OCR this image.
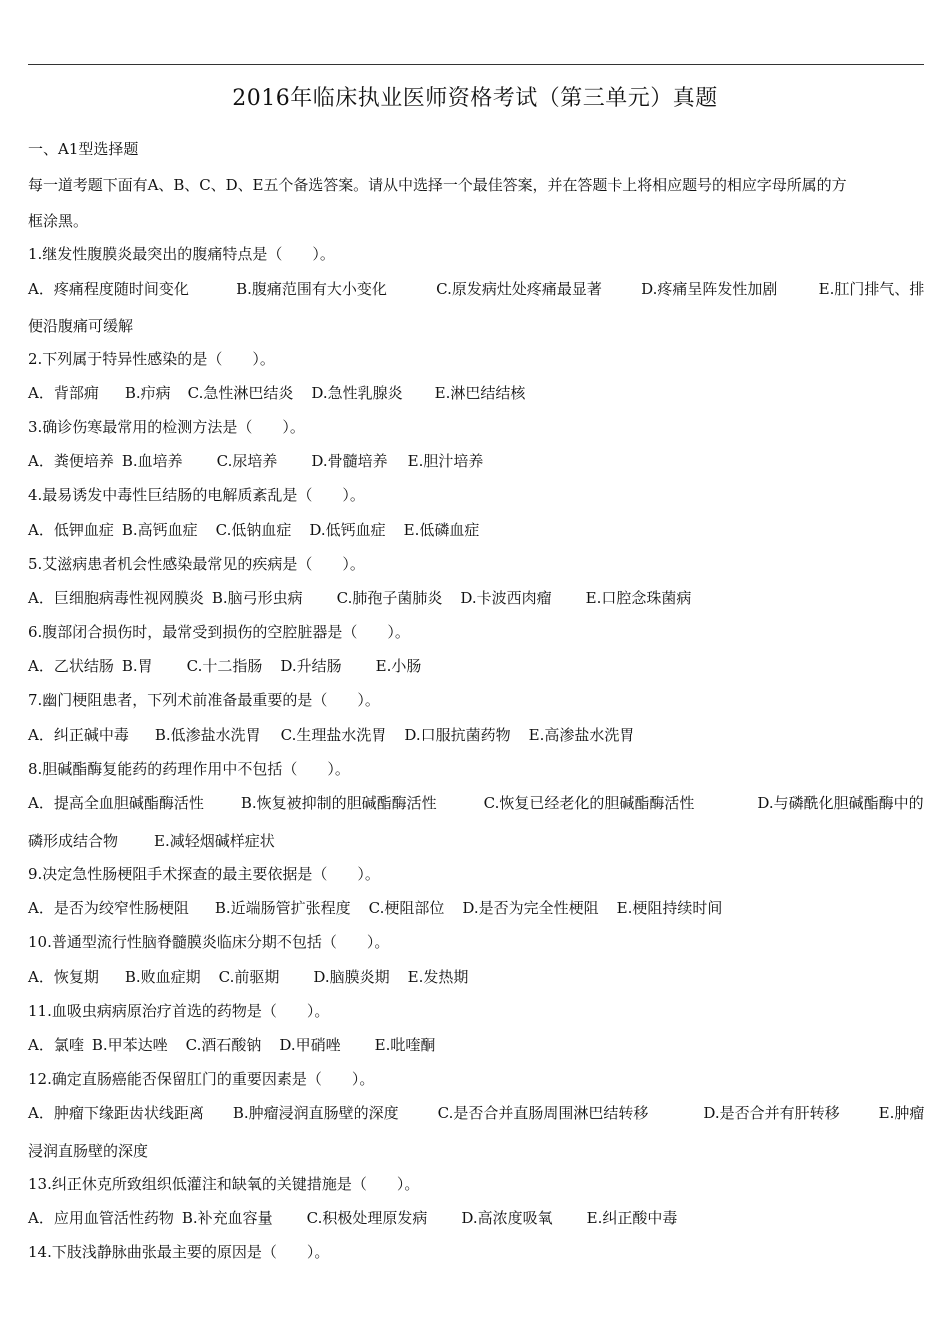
2016年临床执业医师资格考试（第三单元）真题
一、A1型选择题
每一道考题下面有A、B、C、D、E五个备选答案。请从中选择一个最佳答案，并在答题卡上将相应题号的相应字母所属的方
框涂黑。
1.继发性腹膜炎最突出的腹痛特点是（　　）。
A．疼痛程度随时间变化	B.腹痛范围有大小变化	C.原发病灶处疼痛最显著	D.疼痛呈阵发性加剧	E.肛门排气、排
便沿腹痛可缓解
2.下列属于特异性感染的是（　　）。
A．背部痈 B.疖病 C.急性淋巴结炎 D.急性乳腺炎 E.淋巴结结核
3.确诊伤寒最常用的检测方法是（　　）。
A．粪便培养 B.血培养 C.尿培养 D.骨髓培养 E.胆汁培养
4.最易诱发中毒性巨结肠的电解质紊乱是（　　）。
A．低钾血症 B.高钙血症 C.低钠血症 D.低钙血症 E.低磷血症
5.艾滋病患者机会性感染最常见的疾病是（　　）。
A．巨细胞病毒性视网膜炎 B.脑弓形虫病 C.肺孢子菌肺炎 D.卡波西肉瘤 E.口腔念珠菌病
6.腹部闭合损伤时，最常受到损伤的空腔脏器是（　　）。
A．乙状结肠 B.胃 C.十二指肠 D.升结肠 E.小肠
7.幽门梗阻患者，下列术前准备最重要的是（　　）。
A．纠正碱中毒 B.低渗盐水洗胃 C.生理盐水洗胃 D.口服抗菌药物 E.高渗盐水洗胃
8.胆碱酯酶复能药的药理作用中不包括（　　）。
A．提高全血胆碱酯酶活性 B.恢复被抑制的胆碱酯酶活性	C.恢复已经老化的胆碱酯酶活性	D.与磷酰化胆碱酯酶中的
磷形成结合物 E.减轻烟碱样症状
9.决定急性肠梗阻手术探查的最主要依据是（　　）。
A．是否为绞窄性肠梗阻 B.近端肠管扩张程度 C.梗阻部位 D.是否为完全性梗阻 E.梗阻持续时间
10.普通型流行性脑脊髓膜炎临床分期不包括（　　）。
A．恢复期 B.败血症期 C.前驱期 D.脑膜炎期 E.发热期
11.血吸虫病病原治疗首选的药物是（　　）。
A．氯喹 B.甲苯达唑 C.酒石酸钠 D.甲硝唑 E.吡喹酮
12.确定直肠癌能否保留肛门的重要因素是（　　）。
A．肿瘤下缘距齿状线距离 B.肿瘤浸润直肠壁的深度	C.是否合并直肠周围淋巴结转移	D.是否合并有肝转移	E.肿瘤
浸润直肠壁的深度
13.纠正休克所致组织低灌注和缺氧的关键措施是（　　）。
A．应用血管活性药物 B.补充血容量 C.积极处理原发病 D.高浓度吸氧 E.纠正酸中毒
14.下肢浅静脉曲张最主要的原因是（　　）。
